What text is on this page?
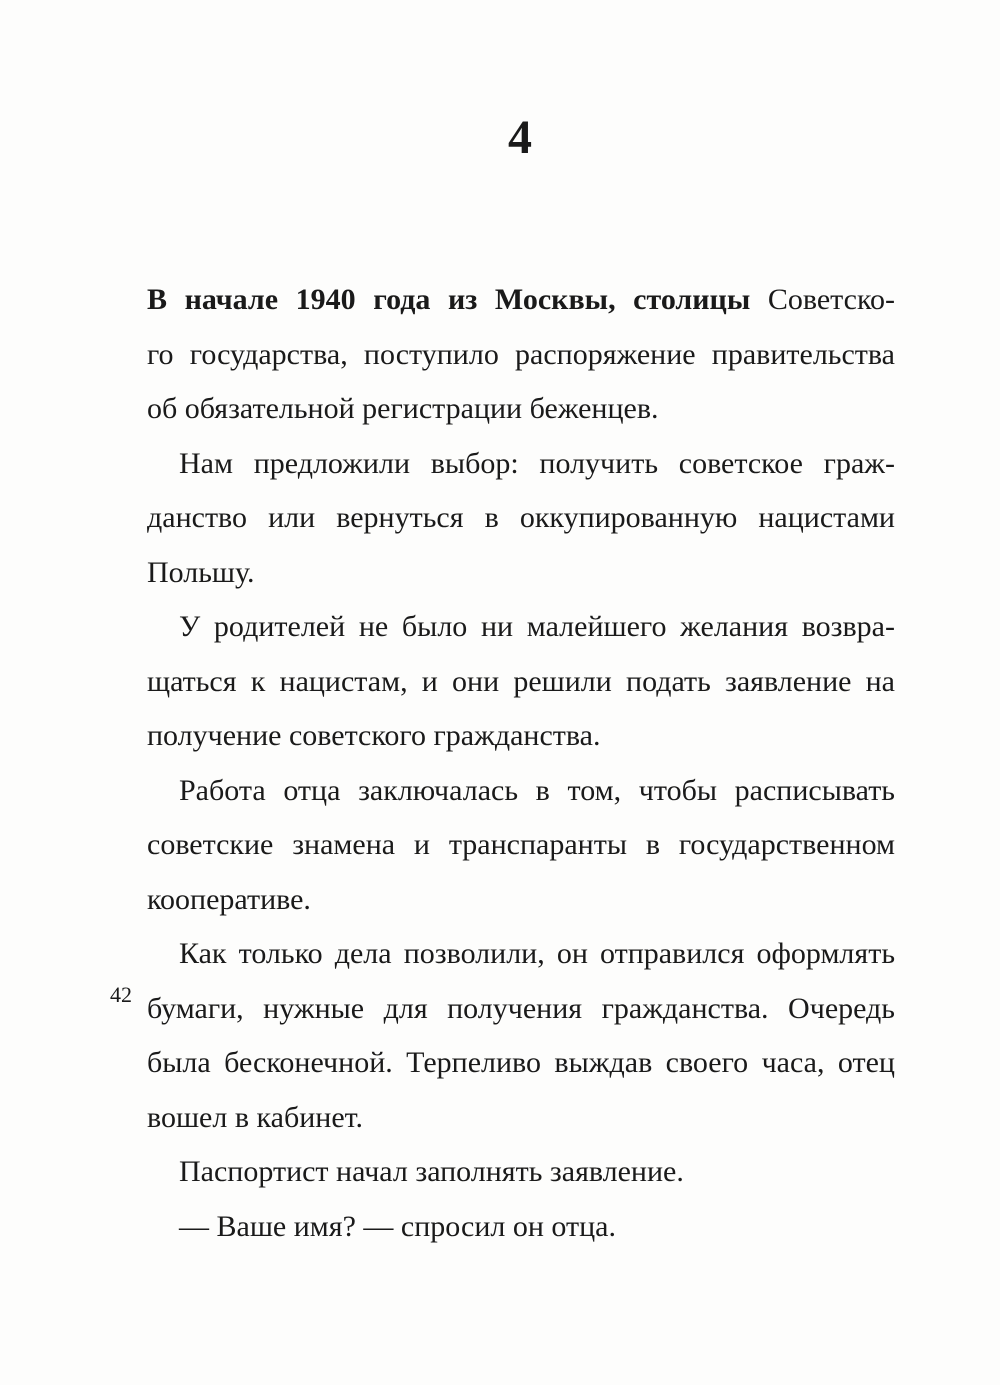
4
В начале 1940 года из Москвы, столицы Советско-
го государства, поступило распоряжение правительства
об обязательной регистрации беженцев.
Нам предложили выбор: получить советское граж-
данство или вернуться в оккупированную нацистами
Польшу.
У родителей не было ни малейшего желания возвра-
щаться к нацистам, и они решили подать заявление на
получение советского гражданства.
Работа отца заключалась в том, чтобы расписывать
советские знамена и транспаранты в государственном
кооперативе.
Как только дела позволили, он отправился оформлять
бумаги, нужные для получения гражданства. Очередь
была бесконечной. Терпеливо выждав своего часа, отец
вошел в кабинет.
Паспортист начал заполнять заявление.
— Ваше имя? — спросил он отца.
42
